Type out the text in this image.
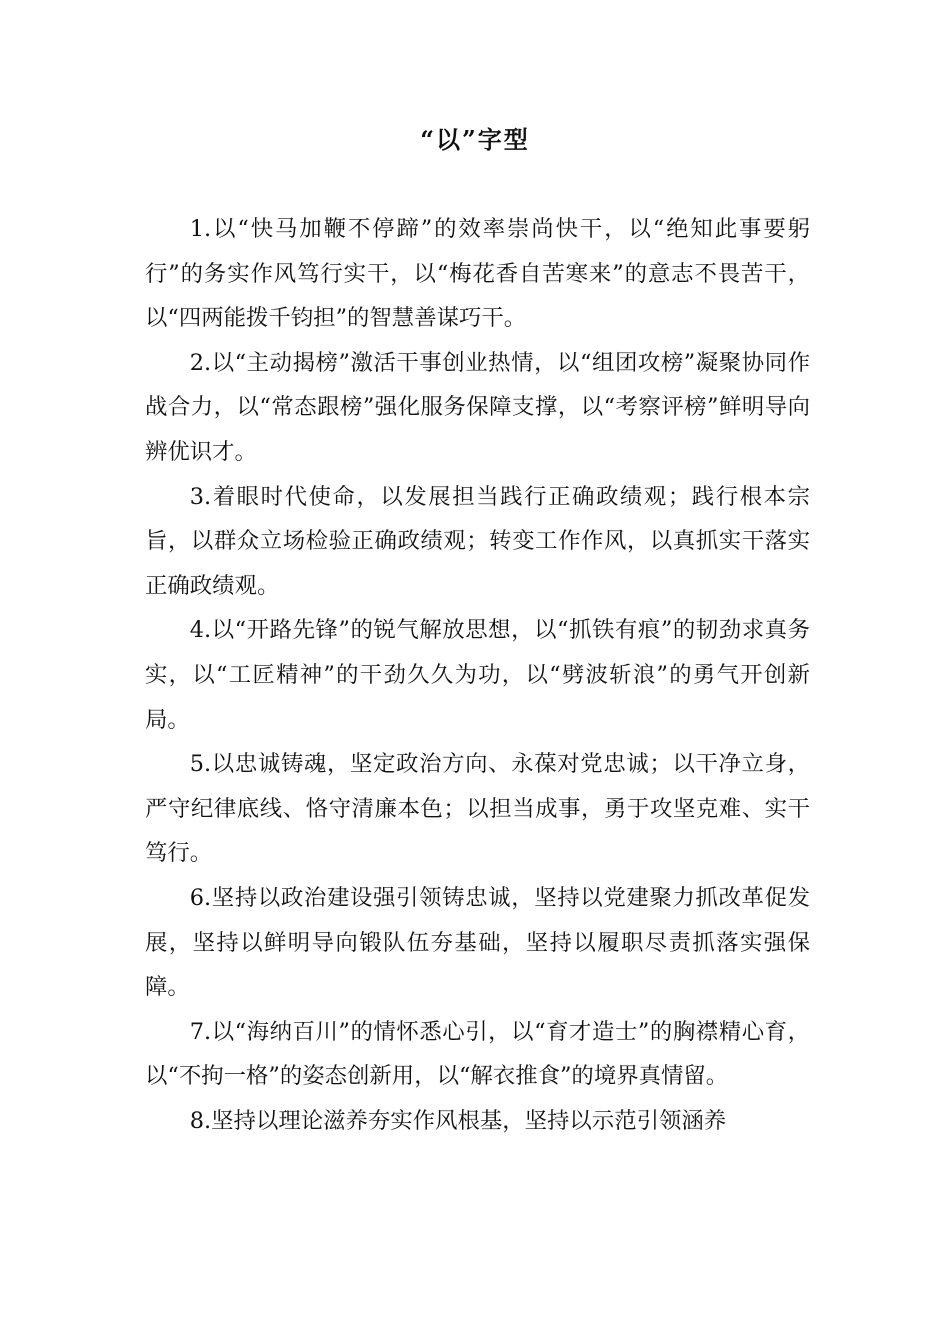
“以”字型

1.以“快马加鞭不停蹄”的效率崇尚快干，以“绝知此事要躬行”的务实作风笃行实干，以“梅花香自苦寒来”的意志不畏苦干，以“四两能拨千钧担”的智慧善谋巧干。

2.以“主动揭榜”激活干事创业热情，以“组团攻榜”凝聚协同作战合力，以“常态跟榜”强化服务保障支撑，以“考察评榜”鲜明导向辨优识才。

3.着眼时代使命，以发展担当践行正确政绩观；践行根本宗旨，以群众立场检验正确政绩观；转变工作作风，以真抓实干落实正确政绩观。

4.以“开路先锋”的锐气解放思想，以“抓铁有痕”的韧劲求真务实，以“工匠精神”的干劲久久为功，以“劈波斩浪”的勇气开创新局。

5.以忠诚铸魂，坚定政治方向、永葆对党忠诚；以干净立身，严守纪律底线、恪守清廉本色；以担当成事，勇于攻坚克难、实干笃行。

6.坚持以政治建设强引领铸忠诚，坚持以党建聚力抓改革促发展，坚持以鲜明导向锻队伍夯基础，坚持以履职尽责抓落实强保障。

7.以“海纳百川”的情怀悉心引，以“育才造士”的胸襟精心育，以“不拘一格”的姿态创新用，以“解衣推食”的境界真情留。

8.坚持以理论滋养夯实作风根基，坚持以示范引领涵养
